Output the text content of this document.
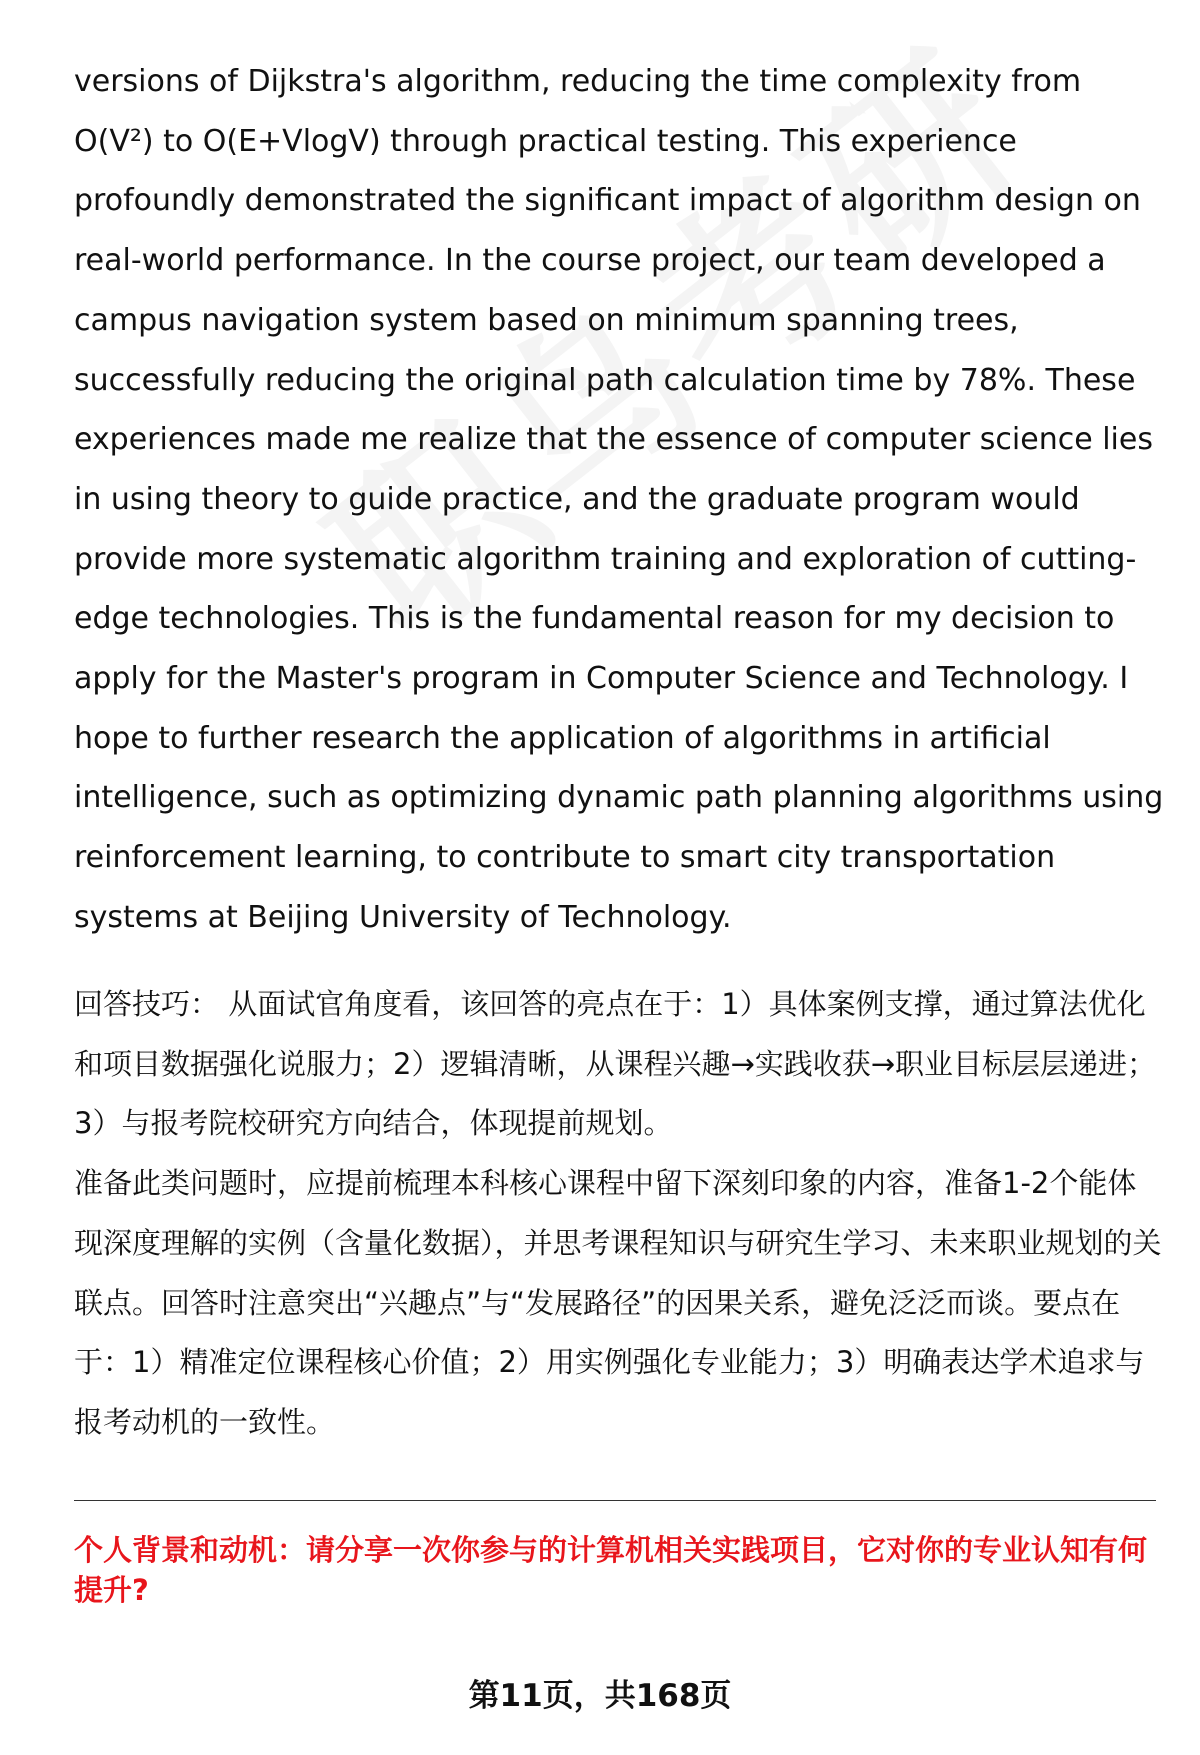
versions of Dijkstra's algorithm, reducing the time complexity from O(V²) to O(E+VlogV) through practical testing. This experience profoundly demonstrated the significant impact of algorithm design on real-world performance. In the course project, our team developed a campus navigation system based on minimum spanning trees, successfully reducing the original path calculation time by 78%. These experiences made me realize that the essence of computer science lies in using theory to guide practice, and the graduate program would provide more systematic algorithm training and exploration of cutting-edge technologies. This is the fundamental reason for my decision to apply for the Master's program in Computer Science and Technology. I hope to further research the application of algorithms in artificial intelligence, such as optimizing dynamic path planning algorithms using reinforcement learning, to contribute to smart city transportation systems at Beijing University of Technology.

回答技巧： 从面试官角度看，该回答的亮点在于：1）具体案例支撑，通过算法优化和项目数据强化说服力；2）逻辑清晰，从课程兴趣→实践收获→职业目标层层递进；3）与报考院校研究方向结合，体现提前规划。

准备此类问题时，应提前梳理本科核心课程中留下深刻印象的内容，准备1-2个能体现深度理解的实例（含量化数据），并思考课程知识与研究生学习、未来职业规划的关联点。回答时注意突出“兴趣点”与“发展路径”的因果关系，避免泛泛而谈。要点在于：1）精准定位课程核心价值；2）用实例强化专业能力；3）明确表达学术追求与报考动机的一致性。

个人背景和动机：请分享一次你参与的计算机相关实践项目，它对你的专业认知有何提升?

第11页，共168页
